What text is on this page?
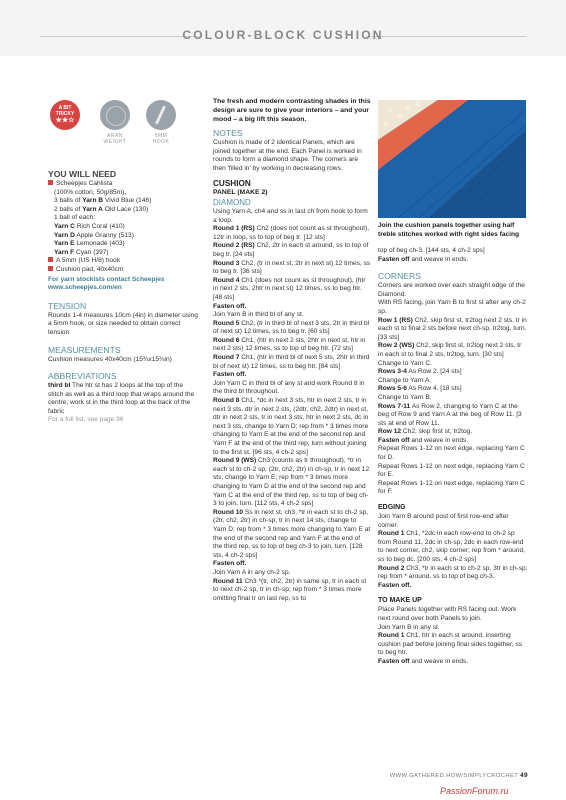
COLOUR-BLOCK CUSHION
A BIT
TRICKY
★★☆
ARAN
WEIGHT
5MM
HOOK
YOU WILL NEED
Scheepjes Cahlista
(100% cotton, 50g/85m),
3 balls of Yarn B Vivid Blue (146)
2 balls of Yarn A Old Lace (130)
1 ball of each:
Yarn C Rich Coral (410)
Yarn D Apple Granny (513)
Yarn E Lemonade (403)
Yarn F Cyan (397)
A 5mm (US H/8) hook
Cushion pad, 40x40cm
For yarn stockists contact Scheepjes
www.scheepjes.com/en
TENSION
Rounds 1-4 measures 10cm (4in) in diameter using a 5mm hook, or size needed to obtain correct tension
MEASUREMENTS
Cushion measures 40x40cm (15¾x15¾in)
ABBREVIATIONS
third bl The htr st has 2 loops at the top of the stitch as well as a third loop that wraps around the centre; work st in the third loop at the back of the fabric
For a full list, see page 96
The fresh and modern contrasting shades in this design are sure to give your interiors – and your mood – a big lift this season.
NOTES
Cushion is made of 2 identical Panels, which are joined together at the end. Each Panel is worked in rounds to form a diamond shape. The corners are then 'filled in' by working in decreasing rows.
CUSHION
PANEL (MAKE 2)
DIAMOND
Using Yarn A, ch4 and ss in last ch from hook to form a loop.
Round 1 (RS) Ch2 (does not count as st throughout), 12tr in loop, ss to top of beg tr. [12 sts]
Round 2 (RS) Ch2, 2tr in each st around, ss to top of beg tr. [24 sts]
Round 3 Ch2, (tr in next st, 2tr in next st) 12 times, ss to beg tr. [36 sts]
Round 4 Ch1 (does not count as st throughout), (htr in next 2 sts, 2htr in next st) 12 times, ss to beg htr. [48 sts]
Fasten off.
Join Yarn B in third bl of any st.
Round 5 Ch2, (tr in third bl of next 3 sts, 2tr in third bl of next st) 12 times, ss to beg tr. [60 sts]
Round 6 Ch1, (htr in next 2 sts, 2htr in next st, htr in next 2 sts) 12 times, ss to top of beg htr. [72 sts]
Round 7 Ch1, (htr in third bl of next 5 sts, 2htr in third bl of next st) 12 times, ss to beg htr. [84 sts]
Fasten off.
Join Yarn C in third bl of any st and work Round 8 in the third bl throughout.
Round 8 Ch1, *dc in next 3 sts, htr in next 2 sts, tr in next 3 sts, dtr in next 2 sts, (2dtr, ch2, 2dtr) in next st, dtr in next 2 sts, tr in next 3 sts, htr in next 2 sts, dc in next 3 sts, change to Yarn D; rep from * 3 times more changing to Yarn E at the end of the second rep and Yarn F at the end of the third rep, turn without joining to the first st. [96 sts, 4 ch-2 sps]
Round 9 (WS) Ch3 (counts as tr throughout), *tr in each st to ch-2 sp, (2tr, ch2, 2tr) in ch-sp, tr in next 12 sts, change to Yarn E; rep from * 3 times more changing to Yarn D at the end of the second rep and Yarn C at the end of the third rep, ss to top of beg ch-3 to join, turn. [112 sts, 4 ch-2 sps]
Round 10 Ss in next st, ch3, *tr in each st to ch-2 sp, (2tr, ch2, 2tr) in ch-sp, tr in next 14 sts, change to Yarn D; rep from * 3 times more changing to Yarn E at the end of the second rep and Yarn F at the end of the third rep, ss to top of beg ch-3 to join, turn. [128 sts, 4 ch-2 sps]
Fasten off.
Join Yarn A in any ch-2 sp.
Round 11 Ch3 *(tr, ch2, 2tr) in same sp, tr in each st to next ch-2 sp, tr in ch-sp; rep from * 3 times more omitting final tr on last rep, ss to
Join the cushion panels together using half treble stitches worked with right sides facing
top of beg ch-3. [144 sts, 4 ch-2 sps]
Fasten off and weave in ends.
CORNERS
Corners are worked over each straight edge of the Diamond.
With RS facing, join Yarn B to first st after any ch-2 sp.
Row 1 (RS) Ch2, skip first st, tr2tog next 2 sts, tr in each st to final 2 sts before next ch-sp, tr2tog, turn. [33 sts]
Row 2 (WS) Ch2, skip first st, tr2tog next 2 sts, tr in each st to final 2 sts, tr2tog, turn. [30 sts]
Change to Yarn C.
Rows 3-4 As Row 2. [24 sts]
Change to Yarn A.
Rows 5-6 As Row 4. [18 sts]
Change to Yarn B.
Rows 7-11 As Row 2, changing to Yarn C at the beg of Row 9 and Yarn A at the beg of Row 11. [3 sts at end of Row 11.
Row 12 Ch2, skip first st, tr2tog.
Fasten off and weave in ends.
Repeat Rows 1-12 on next edge, replacing Yarn C for D.
Repeat Rows 1-12 on next edge, replacing Yarn C for E.
Repeat Rows 1-12 on next edge, replacing Yarn C for F.
EDGING
Join Yarn B around post of first row-end after corner.
Round 1 Ch1, *2dc in each row-end to ch-2 sp from Round 11, 2dc in ch-sp, 2dc in each row-end to next corner, ch2, skip corner; rep from * around, ss to beg dc. [200 sts, 4 ch-2 sps]
Round 2 Ch3, *tr in each st to ch-2 sp, 3tr in ch-sp; rep from * around, ss to top of beg ch-3.
Fasten off.
TO MAKE UP
Place Panels together with RS facing out. Work next round over both Panels to join.
Join Yarn B in any st.
Round 1 Ch1, htr in each st around, inserting cushion pad before joining final sides together, ss to beg htr.
Fasten off and weave in ends.
WWW.GATHERED.HOW/SIMPLYCROCHET 49
PassionForum.ru
